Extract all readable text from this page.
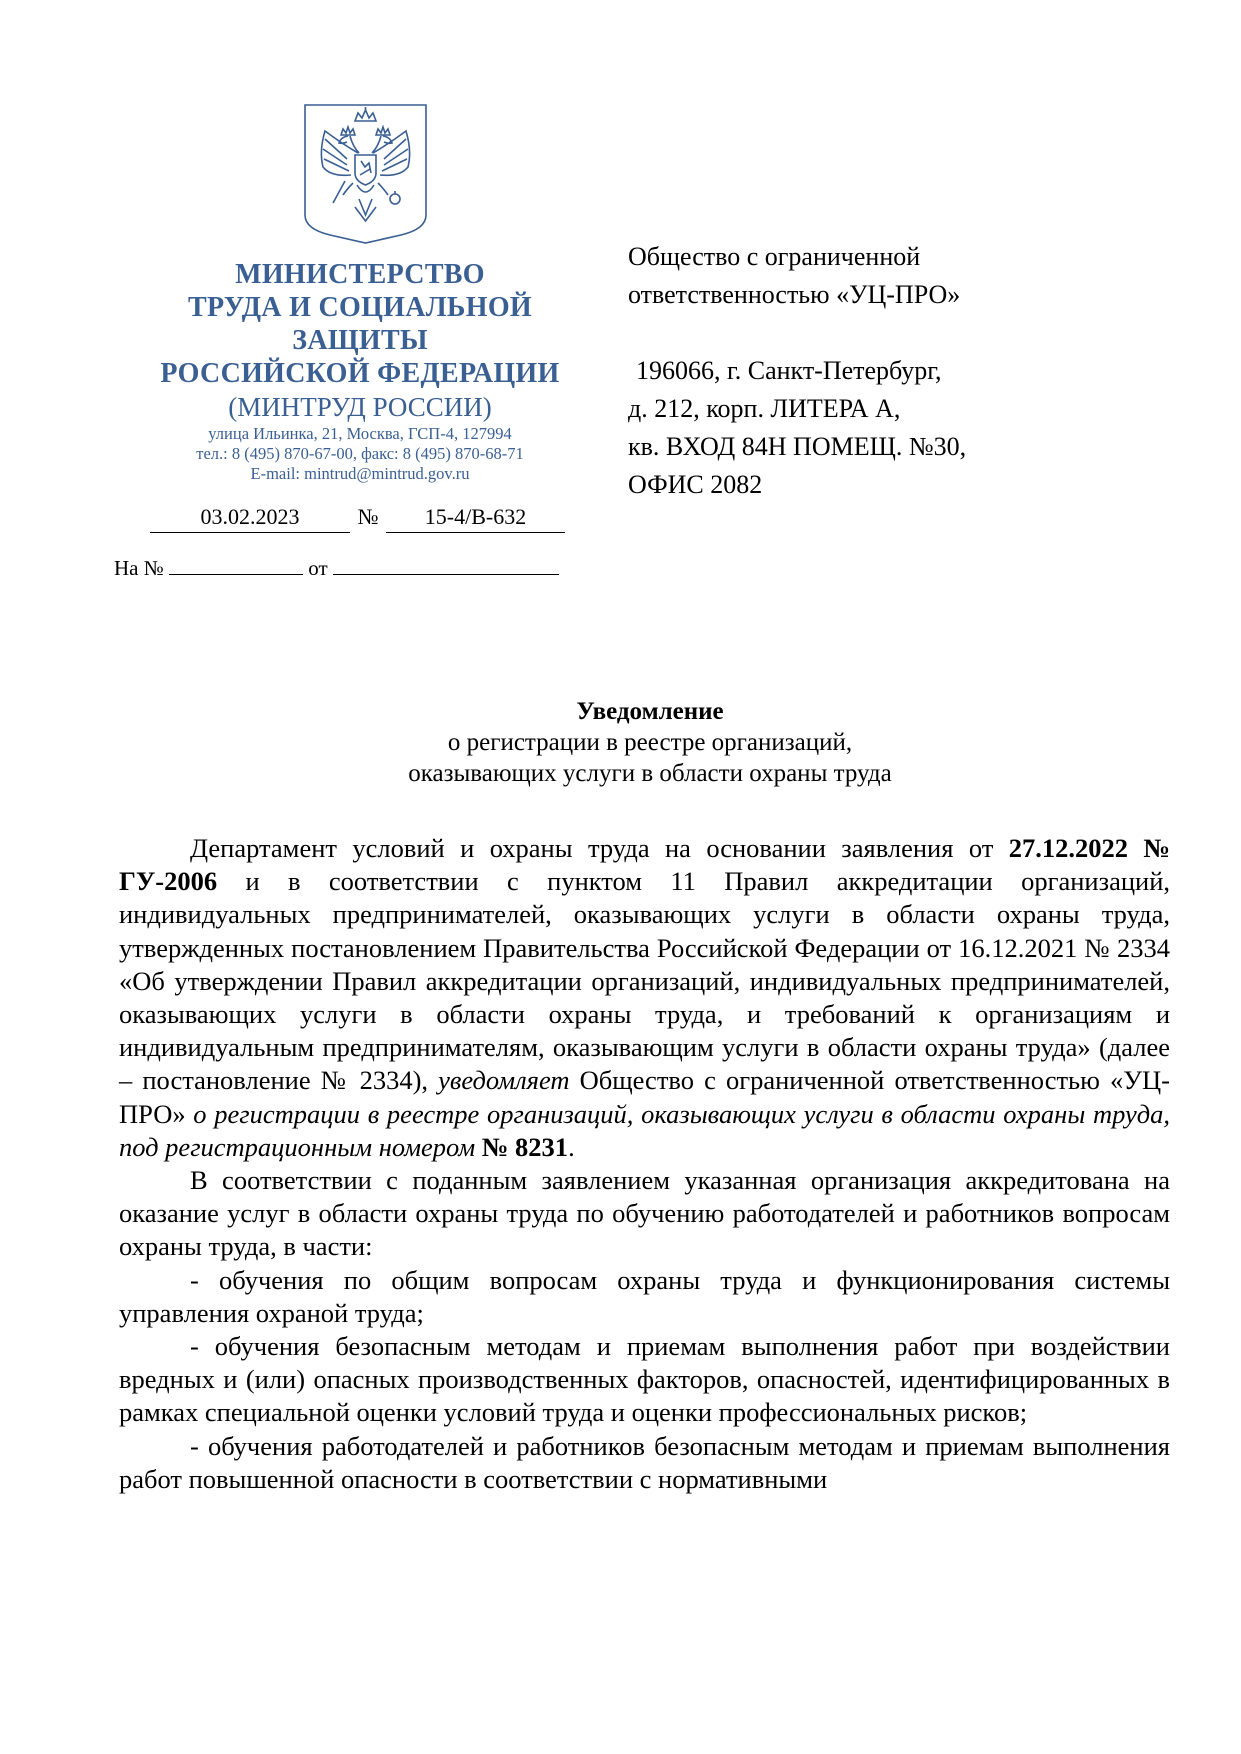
МИНИСТЕРСТВО
ТРУДА И СОЦИАЛЬНОЙ
ЗАЩИТЫ
РОССИЙСКОЙ ФЕДЕРАЦИИ
(МИНТРУД РОССИИ)
улица Ильинка, 21, Москва, ГСП-4, 127994
тел.: 8 (495) 870-67-00, факс: 8 (495) 870-68-71
E-mail: mintrud@mintrud.gov.ru
03.02.2023	№	15-4/В-632
На №	от
Общество с ограниченной
ответственностью «УЦ-ПРО»
196066, г. Санкт-Петербург,
д. 212, корп. ЛИТЕРА А,
кв. ВХОД 84Н ПОМЕЩ. №30,
ОФИС 2082
Уведомление
о регистрации в реестре организаций,
оказывающих услуги в области охраны труда

Департамент условий и охраны труда на основании заявления от 27.12.2022 № ГУ-2006 и в соответствии с пунктом 11 Правил аккредитации организаций, индивидуальных предпринимателей, оказывающих услуги в области охраны труда, утвержденных постановлением Правительства Российской Федерации от 16.12.2021 № 2334 «Об утверждении Правил аккредитации организаций, индивидуальных предпринимателей, оказывающих услуги в области охраны труда, и требований к организациям и индивидуальным предпринимателям, оказывающим услуги в области охраны труда» (далее – постановление № 2334), уведомляет Общество с ограниченной ответственностью «УЦ-ПРО» о регистрации в реестре организаций, оказывающих услуги в области охраны труда, под регистрационным номером № 8231.

В соответствии с поданным заявлением указанная организация аккредитована на оказание услуг в области охраны труда по обучению работодателей и работников вопросам охраны труда, в части:

- обучения по общим вопросам охраны труда и функционирования системы управления охраной труда;

- обучения безопасным методам и приемам выполнения работ при воздействии вредных и (или) опасных производственных факторов, опасностей, идентифицированных в рамках специальной оценки условий труда и оценки профессиональных рисков;

- обучения работодателей и работников безопасным методам и приемам выполнения работ повышенной опасности в соответствии с нормативными
